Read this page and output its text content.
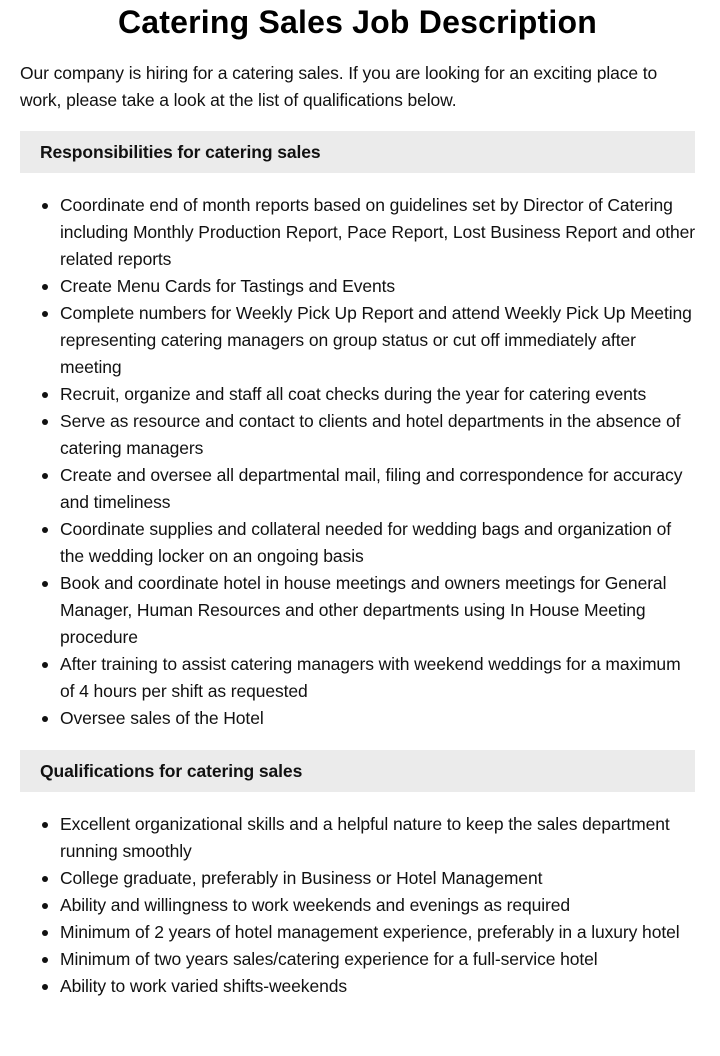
Catering Sales Job Description

Our company is hiring for a catering sales. If you are looking for an exciting place to work, please take a look at the list of qualifications below.

Responsibilities for catering sales
Coordinate end of month reports based on guidelines set by Director of Catering including Monthly Production Report, Pace Report, Lost Business Report and other related reports
Create Menu Cards for Tastings and Events
Complete numbers for Weekly Pick Up Report and attend Weekly Pick Up Meeting representing catering managers on group status or cut off immediately after meeting
Recruit, organize and staff all coat checks during the year for catering events
Serve as resource and contact to clients and hotel departments in the absence of catering managers
Create and oversee all departmental mail, filing and correspondence for accuracy and timeliness
Coordinate supplies and collateral needed for wedding bags and organization of the wedding locker on an ongoing basis
Book and coordinate hotel in house meetings and owners meetings for General Manager, Human Resources and other departments using In House Meeting procedure
After training to assist catering managers with weekend weddings for a maximum of 4 hours per shift as requested
Oversee sales of the Hotel
Qualifications for catering sales
Excellent organizational skills and a helpful nature to keep the sales department running smoothly
College graduate, preferably in Business or Hotel Management
Ability and willingness to work weekends and evenings as required
Minimum of 2 years of hotel management experience, preferably in a luxury hotel
Minimum of two years sales/catering experience for a full-service hotel
Ability to work varied shifts-weekends
